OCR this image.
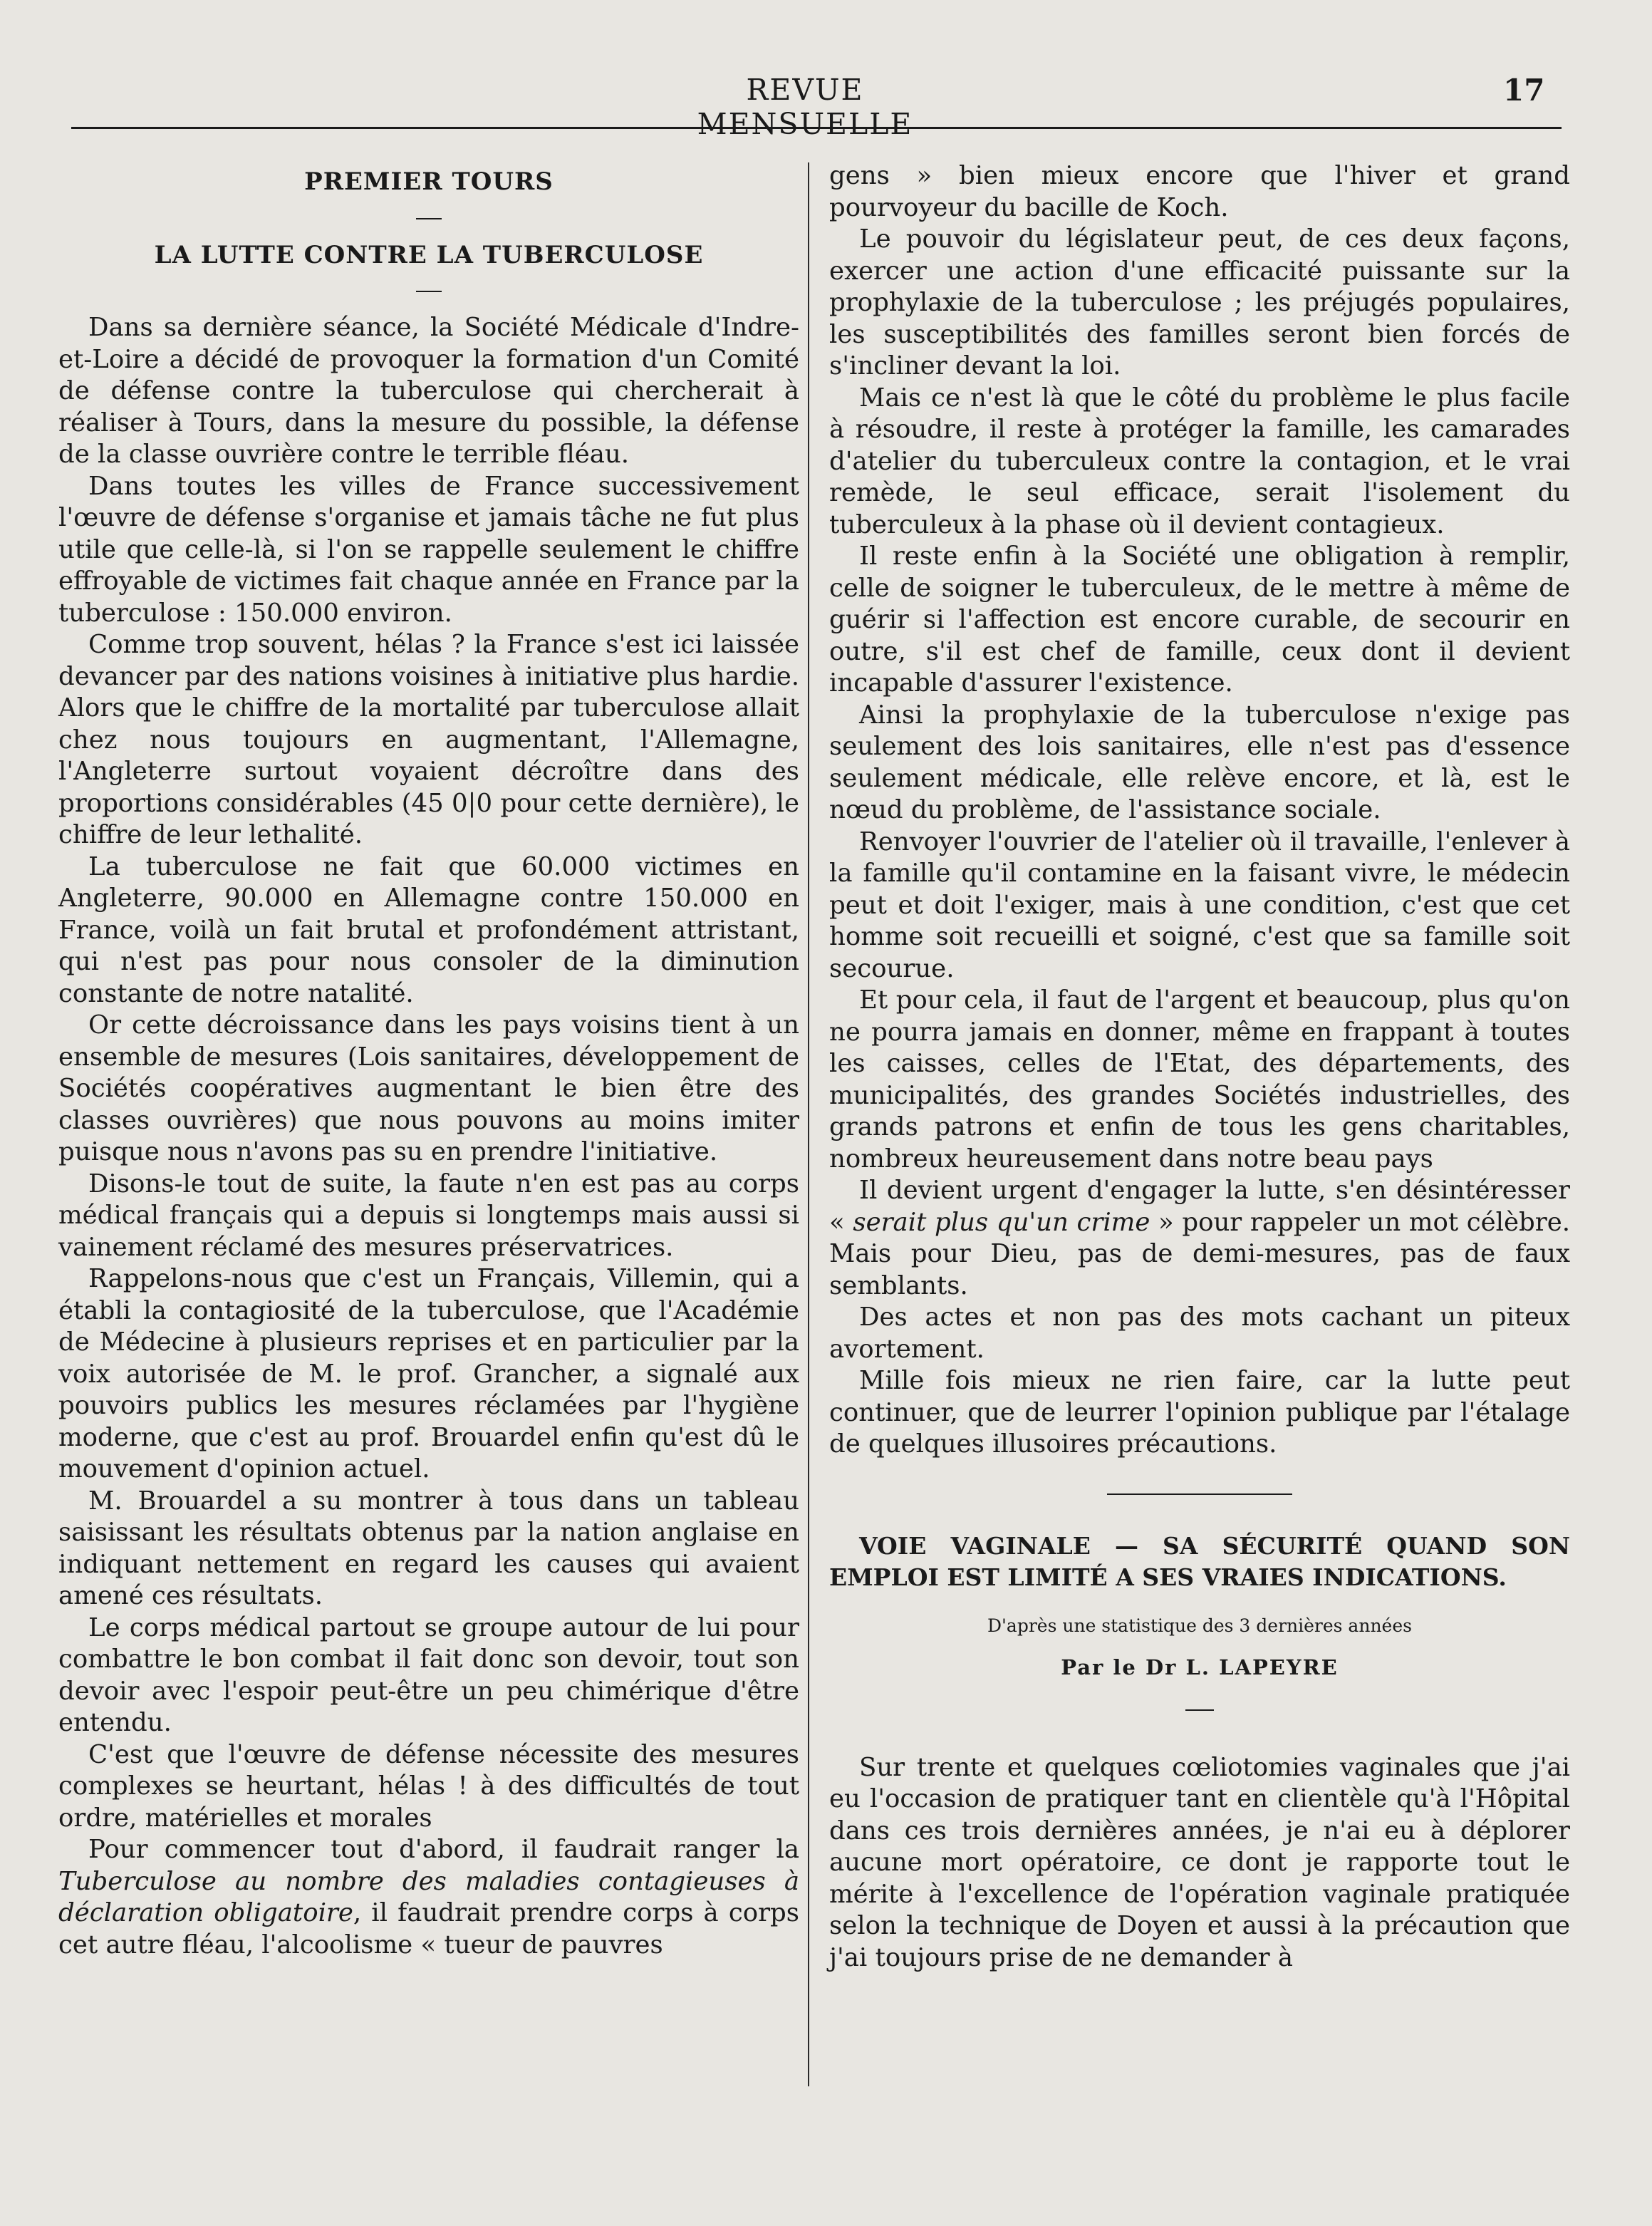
REVUE MENSUELLE
17
PREMIER TOURS
LA LUTTE CONTRE LA TUBERCULOSE

Dans sa dernière séance, la Société Médicale d'Indre-et-Loire a décidé de provoquer la formation d'un Comité de défense contre la tuberculose qui chercherait à réaliser à Tours, dans la mesure du possible, la défense de la classe ouvrière contre le terrible fléau.

Dans toutes les villes de France successivement l'œuvre de défense s'organise et jamais tâche ne fut plus utile que celle-là, si l'on se rappelle seulement le chiffre effroyable de victimes fait chaque année en France par la tuberculose : 150.000 environ.

Comme trop souvent, hélas ? la France s'est ici laissée devancer par des nations voisines à initiative plus hardie. Alors que le chiffre de la mortalité par tuberculose allait chez nous toujours en augmentant, l'Allemagne, l'Angleterre surtout voyaient décroître dans des proportions considérables (45 0|0 pour cette dernière), le chiffre de leur lethalité.

La tuberculose ne fait que 60.000 victimes en Angleterre, 90.000 en Allemagne contre 150.000 en France, voilà un fait brutal et profondément attristant, qui n'est pas pour nous consoler de la diminution constante de notre natalité.

Or cette décroissance dans les pays voisins tient à un ensemble de mesures (Lois sanitaires, développement de Sociétés coopératives augmentant le bien être des classes ouvrières) que nous pouvons au moins imiter puisque nous n'avons pas su en prendre l'initiative.

Disons-le tout de suite, la faute n'en est pas au corps médical français qui a depuis si longtemps mais aussi si vainement réclamé des mesures préservatrices.

Rappelons-nous que c'est un Français, Villemin, qui a établi la contagiosité de la tuberculose, que l'Académie de Médecine à plusieurs reprises et en particulier par la voix autorisée de M. le prof. Grancher, a signalé aux pouvoirs publics les mesures réclamées par l'hygiène moderne, que c'est au prof. Brouardel enfin qu'est dû le mouvement d'opinion actuel.

M. Brouardel a su montrer à tous dans un tableau saisissant les résultats obtenus par la nation anglaise en indiquant nettement en regard les causes qui avaient amené ces résultats.

Le corps médical partout se groupe autour de lui pour combattre le bon combat il fait donc son devoir, tout son devoir avec l'espoir peut-être un peu chimérique d'être entendu.

C'est que l'œuvre de défense nécessite des mesures complexes se heurtant, hélas ! à des difficultés de tout ordre, matérielles et morales

Pour commencer tout d'abord, il faudrait ranger la Tuberculose au nombre des maladies contagieuses à déclaration obligatoire, il faudrait prendre corps à corps cet autre fléau, l'alcoolisme « tueur de pauvres

gens » bien mieux encore que l'hiver et grand pourvoyeur du bacille de Koch.

Le pouvoir du législateur peut, de ces deux façons, exercer une action d'une efficacité puissante sur la prophylaxie de la tuberculose ; les préjugés populaires, les susceptibilités des familles seront bien forcés de s'incliner devant la loi.

Mais ce n'est là que le côté du problème le plus facile à résoudre, il reste à protéger la famille, les camarades d'atelier du tuberculeux contre la contagion, et le vrai remède, le seul efficace, serait l'isolement du tuberculeux à la phase où il devient contagieux.

Il reste enfin à la Société une obligation à remplir, celle de soigner le tuberculeux, de le mettre à même de guérir si l'affection est encore curable, de secourir en outre, s'il est chef de famille, ceux dont il devient incapable d'assurer l'existence.

Ainsi la prophylaxie de la tuberculose n'exige pas seulement des lois sanitaires, elle n'est pas d'essence seulement médicale, elle relève encore, et là, est le nœud du problème, de l'assistance sociale.

Renvoyer l'ouvrier de l'atelier où il travaille, l'enlever à la famille qu'il contamine en la faisant vivre, le médecin peut et doit l'exiger, mais à une condition, c'est que cet homme soit recueilli et soigné, c'est que sa famille soit secourue.

Et pour cela, il faut de l'argent et beaucoup, plus qu'on ne pourra jamais en donner, même en frappant à toutes les caisses, celles de l'Etat, des départements, des municipalités, des grandes Sociétés industrielles, des grands patrons et enfin de tous les gens charitables, nombreux heureusement dans notre beau pays

Il devient urgent d'engager la lutte, s'en désintéresser « serait plus qu'un crime » pour rappeler un mot célèbre. Mais pour Dieu, pas de demi-mesures, pas de faux semblants.

Des actes et non pas des mots cachant un piteux avortement.

Mille fois mieux ne rien faire, car la lutte peut continuer, que de leurrer l'opinion publique par l'étalage de quelques illusoires précautions.

VOIE VAGINALE — SA SÉCURITÉ QUAND SON EMPLOI EST LIMITÉ A SES VRAIES INDICATIONS.

D'après une statistique des 3 dernières années
Par le Dr L. LAPEYRE

Sur trente et quelques cœliotomies vaginales que j'ai eu l'occasion de pratiquer tant en clientèle qu'à l'Hôpital dans ces trois dernières années, je n'ai eu à déplorer aucune mort opératoire, ce dont je rapporte tout le mérite à l'excellence de l'opération vaginale pratiquée selon la technique de Doyen et aussi à la précaution que j'ai toujours prise de ne demander à
